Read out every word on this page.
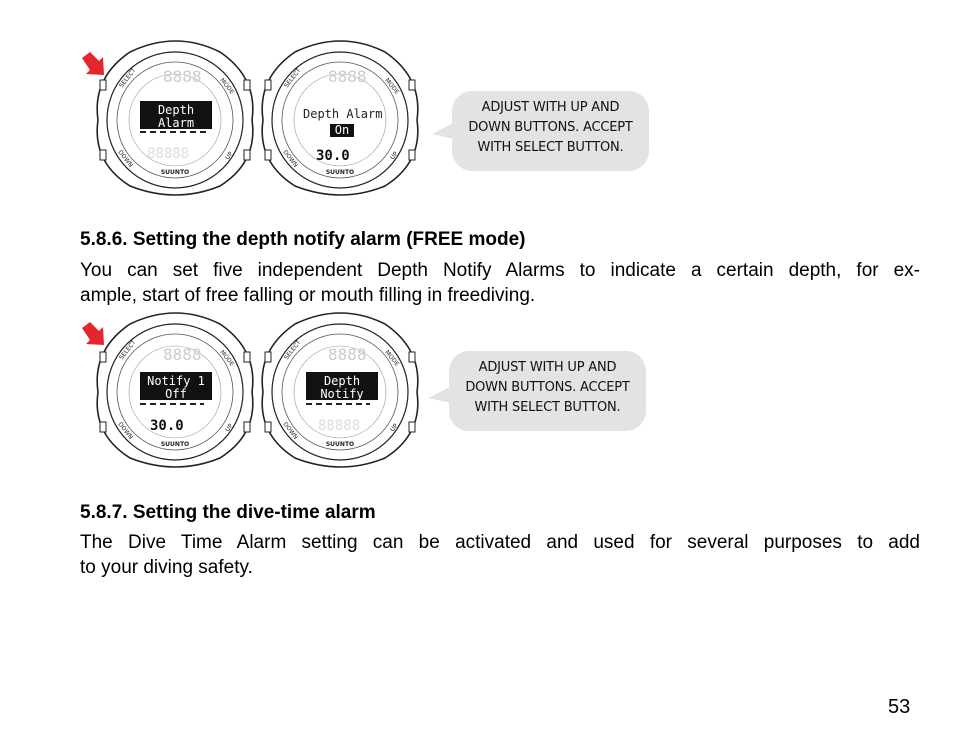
SELECT	MODE
DOWN	UP
8888
88888
Depth
Alarm
SUUNTO
SELECT	MODE
DOWN	UP
8888
Depth Alarm
On
30.0
SUUNTO
ADJUST WITH UP AND
DOWN BUTTONS. ACCEPT
WITH SELECT BUTTON.
5.8.6. Setting the depth notify alarm (FREE mode)
You can set five independent Depth Notify Alarms to indicate a certain depth, for ex-
ample, start of free falling or mouth filling in freediving.
SELECT	MODE
DOWN	UP
8888
Notify 1
Off
30.0
SUUNTO
SELECT	MODE
DOWN	UP
8888
Depth
Notify
88888
SUUNTO
ADJUST WITH UP AND
DOWN BUTTONS. ACCEPT
WITH SELECT BUTTON.
5.8.7. Setting the dive-time alarm
The Dive Time Alarm setting can be activated and used for several purposes to add
to your diving safety.
53
